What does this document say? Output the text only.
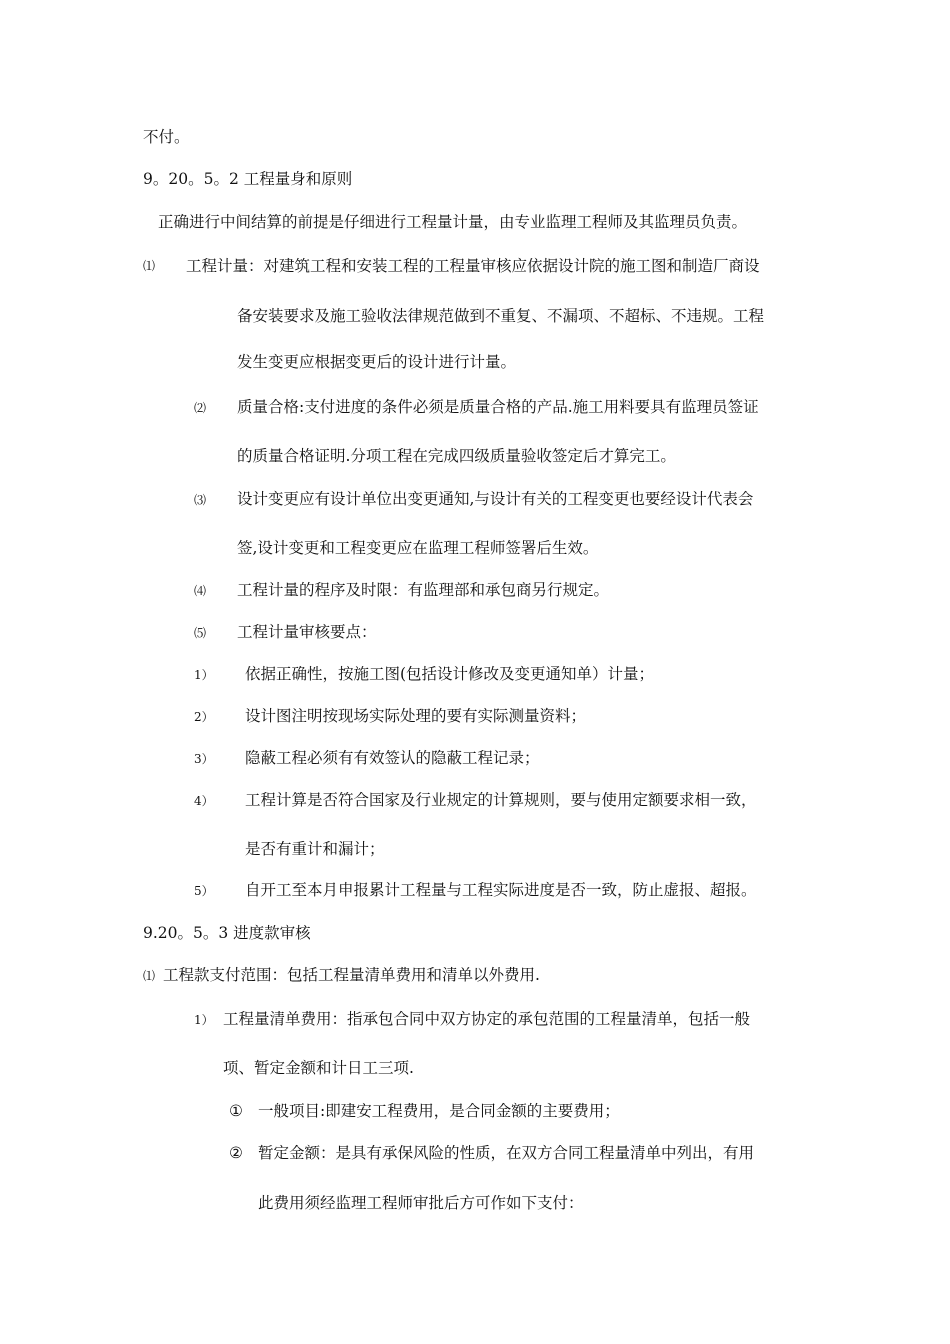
不付。
9。20。5。2 工程量身和原则
正确进行中间结算的前提是仔细进行工程量计量，由专业监理工程师及其监理员负责。
⑴ 工程计量：对建筑工程和安装工程的工程量审核应依据设计院的施工图和制造厂商设
备安装要求及施工验收法律规范做到不重复、不漏项、不超标、不违规。工程
发生变更应根据变更后的设计进行计量。
⑵ 质量合格:支付进度的条件必须是质量合格的产品.施工用料要具有监理员签证
的质量合格证明.分项工程在完成四级质量验收签定后才算完工。
⑶ 设计变更应有设计单位出变更通知,与设计有关的工程变更也要经设计代表会
签,设计变更和工程变更应在监理工程师签署后生效。
⑷ 工程计量的程序及时限：有监理部和承包商另行规定。
⑸ 工程计量审核要点：
1） 依据正确性，按施工图(包括设计修改及变更通知单）计量；
2） 设计图注明按现场实际处理的要有实际测量资料；
3） 隐蔽工程必须有有效签认的隐蔽工程记录；
4） 工程计算是否符合国家及行业规定的计算规则，要与使用定额要求相一致，
是否有重计和漏计；
5） 自开工至本月申报累计工程量与工程实际进度是否一致，防止虚报、超报。
9.20。5。3 进度款审核
⑴ 工程款支付范围：包括工程量清单费用和清单以外费用.
1） 工程量清单费用：指承包合同中双方协定的承包范围的工程量清单，包括一般
项、暂定金额和计日工三项.
① 一般项目:即建安工程费用，是合同金额的主要费用；
② 暂定金额：是具有承保风险的性质，在双方合同工程量清单中列出，有用
此费用须经监理工程师审批后方可作如下支付：
